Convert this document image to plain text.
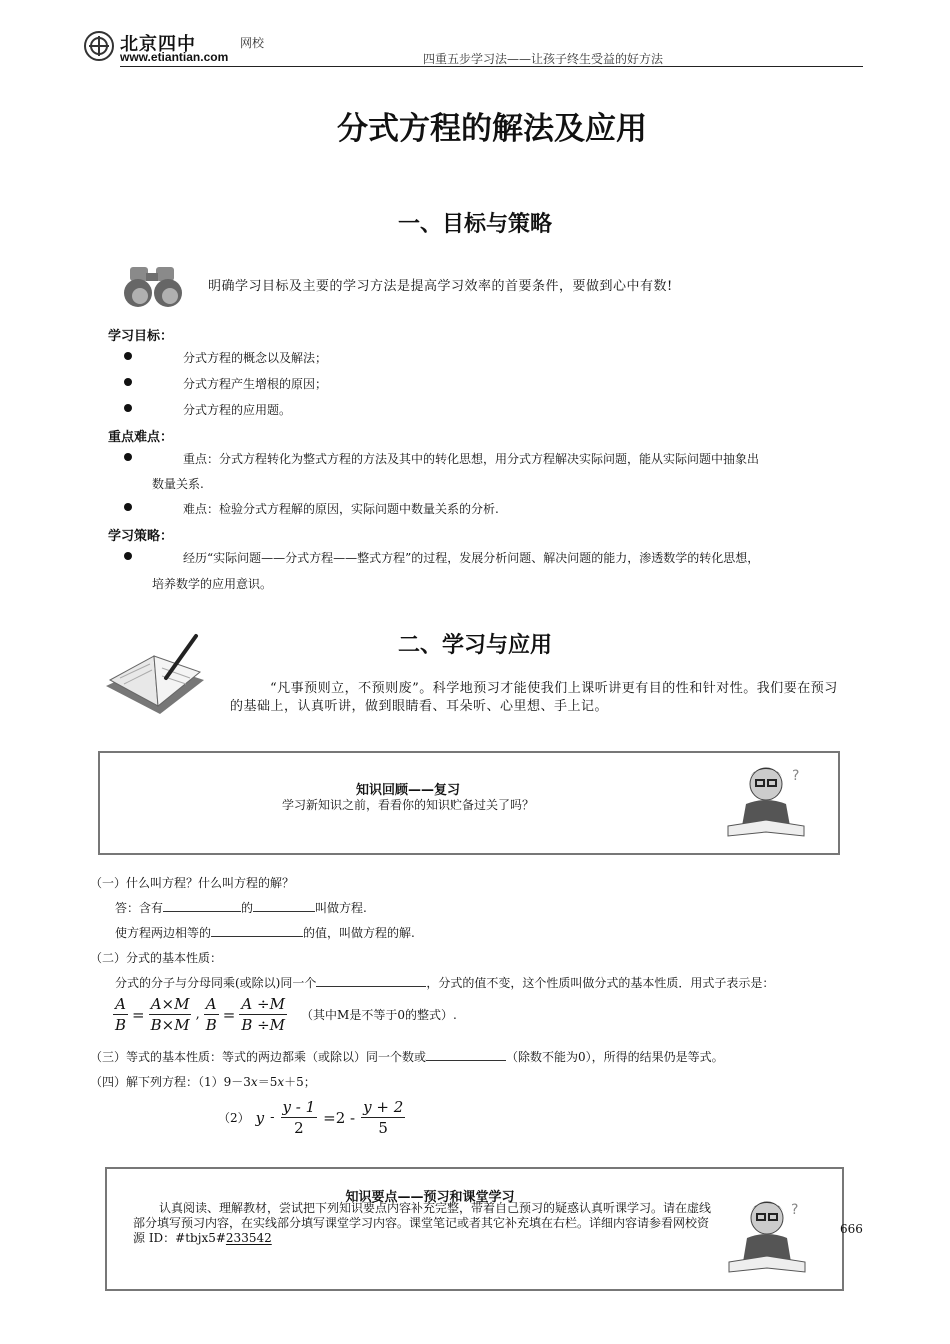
北京四中	网校
www.etiantian.com	四重五步学习法——让孩子终生受益的好方法
分式方程的解法及应用
一、目标与策略
明确学习目标及主要的学习方法是提高学习效率的首要条件，要做到心中有数!
学习目标：
分式方程的概念以及解法；
分式方程产生增根的原因；
分式方程的应用题。
重点难点：
重点：分式方程转化为整式方程的方法及其中的转化思想，用分式方程解决实际问题，能从实际问题中抽象出
数量关系.
难点：检验分式方程解的原因，实际问题中数量关系的分析.
学习策略：
经历“实际问题——分式方程——整式方程”的过程，发展分析问题、解决问题的能力，渗透数学的转化思想，
培养数学的应用意识。
二、学习与应用
“凡事预则立，不预则废”。科学地预习才能使我们上课听讲更有目的性和针对性。我们要在预习的基础上，认真听讲，做到眼睛看、耳朵听、心里想、手上记。
知识回顾——复习
学习新知识之前，看看你的知识贮备过关了吗？
?
（一）什么叫方程？什么叫方程的解？
答：含有	的	叫做方程.
使方程两边相等的	的值，叫做方程的解.
（二）分式的基本性质：
分式的分子与分母同乘(或除以)同一个	，分式的值不变，这个性质叫做分式的基本性质．用式子表示是：
$\frac{A}{B} = \frac{A\times M}{B\times M}$ , $\frac{A}{B} = \frac{A \div M}{B \div M}$ （其中M是不等于0的整式）.
（三）等式的基本性质：等式的两边都乘（或除以）同一个数或	（除数不能为0），所得的结果仍是等式。
（四）解下列方程：（1）9－3x＝5x＋5；
（2） $y - \frac{y - 1}{2} =2 - \frac{y + 2}{5}$
知识要点——预习和课堂学习
认真阅读、理解教材，尝试把下列知识要点内容补充完整，带着自己预习的疑惑认真听课学习。请在虚线部分填写预习内容，在实线部分填写课堂学习内容。课堂笔记或者其它补充填在右栏。详细内容请参看网校资源 ID：#tbjx5#233542
?
666
